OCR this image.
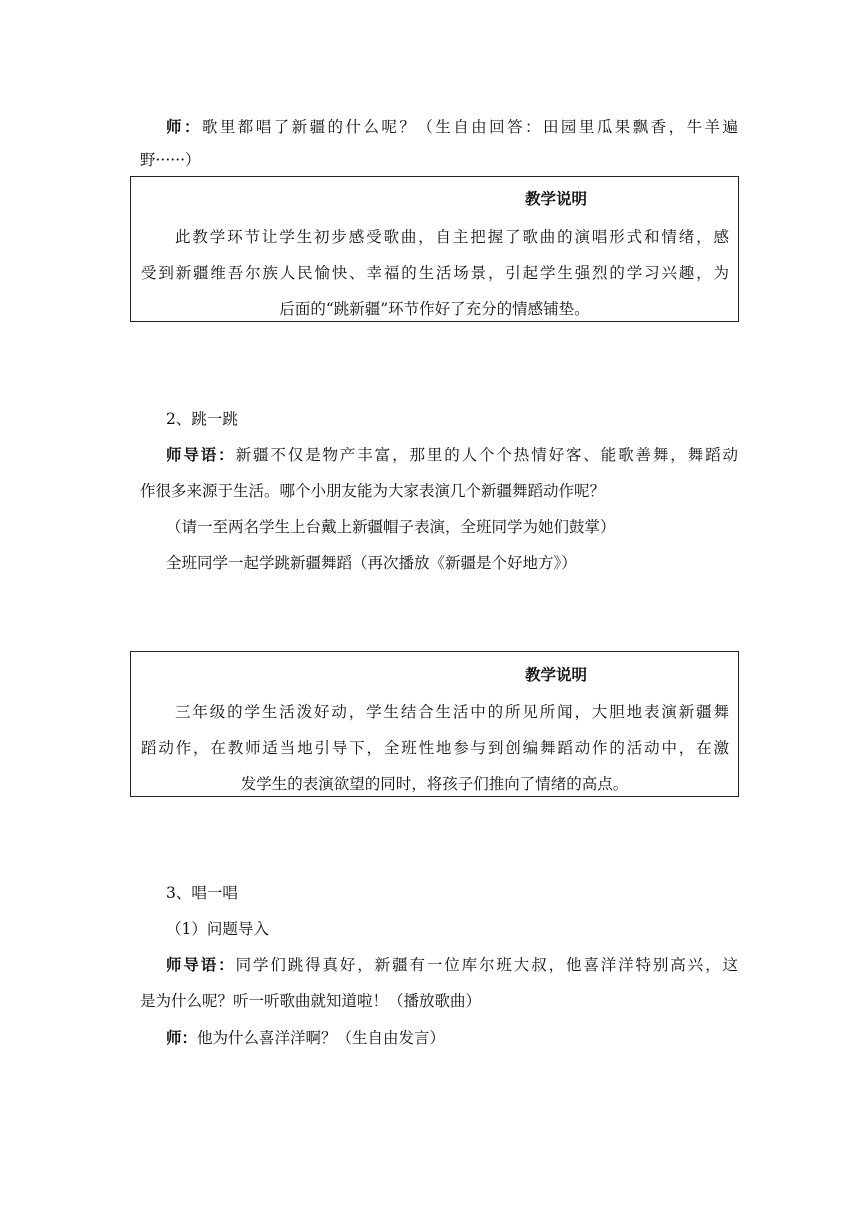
师：歌里都唱了新疆的什么呢？（生自由回答：田园里瓜果飘香，牛羊遍
野······）
教学说明
此教学环节让学生初步感受歌曲，自主把握了歌曲的演唱形式和情绪，感
受到新疆维吾尔族人民愉快、幸福的生活场景，引起学生强烈的学习兴趣，为
后面的“跳新疆”环节作好了充分的情感铺垫。
2、跳一跳
师导语：新疆不仅是物产丰富，那里的人个个热情好客、能歌善舞，舞蹈动
作很多来源于生活。哪个小朋友能为大家表演几个新疆舞蹈动作呢？
（请一至两名学生上台戴上新疆帽子表演，全班同学为她们鼓掌）
全班同学一起学跳新疆舞蹈（再次播放《新疆是个好地方》）
教学说明
三年级的学生活泼好动，学生结合生活中的所见所闻，大胆地表演新疆舞
蹈动作，在教师适当地引导下，全班性地参与到创编舞蹈动作的活动中，在激
发学生的表演欲望的同时，将孩子们推向了情绪的高点。
3、唱一唱
（1）问题导入
师导语：同学们跳得真好，新疆有一位库尔班大叔，他喜洋洋特别高兴，这
是为什么呢？听一听歌曲就知道啦！（播放歌曲）
师：他为什么喜洋洋啊？（生自由发言）
